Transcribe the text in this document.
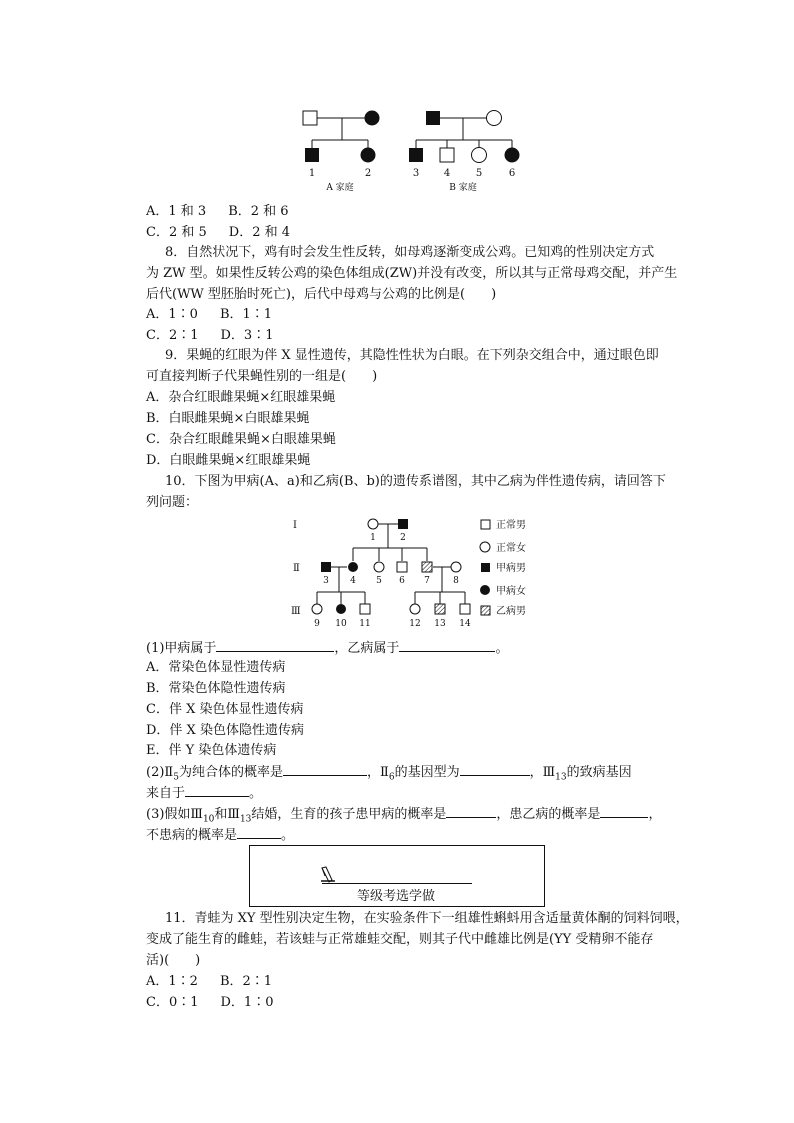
1	2	3 4	5	6
A 家庭	B 家庭
A．1 和 3 B．2 和 6
C．2 和 5 D．2 和 4
8．自然状况下，鸡有时会发生性反转，如母鸡逐渐变成公鸡。已知鸡的性别决定方式
为 ZW 型。如果性反转公鸡的染色体组成(ZW)并没有改变，所以其与正常母鸡交配，并产生
后代(WW 型胚胎时死亡)，后代中母鸡与公鸡的比例是(　　)
A．1∶0 B．1∶1
C．2∶1 D．3∶1
9．果蝇的红眼为伴 X 显性遗传，其隐性性状为白眼。在下列杂交组合中，通过眼色即
可直接判断子代果蝇性别的一组是(　　)
A．杂合红眼雌果蝇×红眼雄果蝇
B．白眼雌果蝇×白眼雄果蝇
C．杂合红眼雌果蝇×白眼雄果蝇
D．白眼雌果蝇×红眼雄果蝇
10．下图为甲病(A、a)和乙病(B、b)的遗传系谱图，其中乙病为伴性遗传病，请回答下
列问题：
Ⅰ
Ⅱ
Ⅲ
1	2
3 4 5 6 7	8
9 10 11	12 13 14
正常男
正常女
甲病男
甲病女
乙病男
(1)甲病属于	，乙病属于	。
A．常染色体显性遗传病
B．常染色体隐性遗传病
C．伴 X 染色体显性遗传病
D．伴 X 染色体隐性遗传病
E．伴 Y 染色体遗传病
$(2)Ⅱ_5$为纯合体的概率是	，$Ⅱ_6$的基因型为	，$Ⅲ_{13}$的致病基因
来自于	。
(3)假如$Ⅲ_{10}$和$Ⅲ_{13}$结婚，生育的孩子患甲病的概率是	，患乙病的概率是	，
不患病的概率是	。
等级考选学做
11．青蛙为 XY 型性别决定生物，在实验条件下一组雄性蝌蚪用含适量黄体酮的饲料饲喂，
变成了能生育的雌蛙，若该蛙与正常雄蛙交配，则其子代中雌雄比例是(YY 受精卵不能存
活)(　　)
A．1∶2 B．2∶1
C．0∶1 D．1∶0
